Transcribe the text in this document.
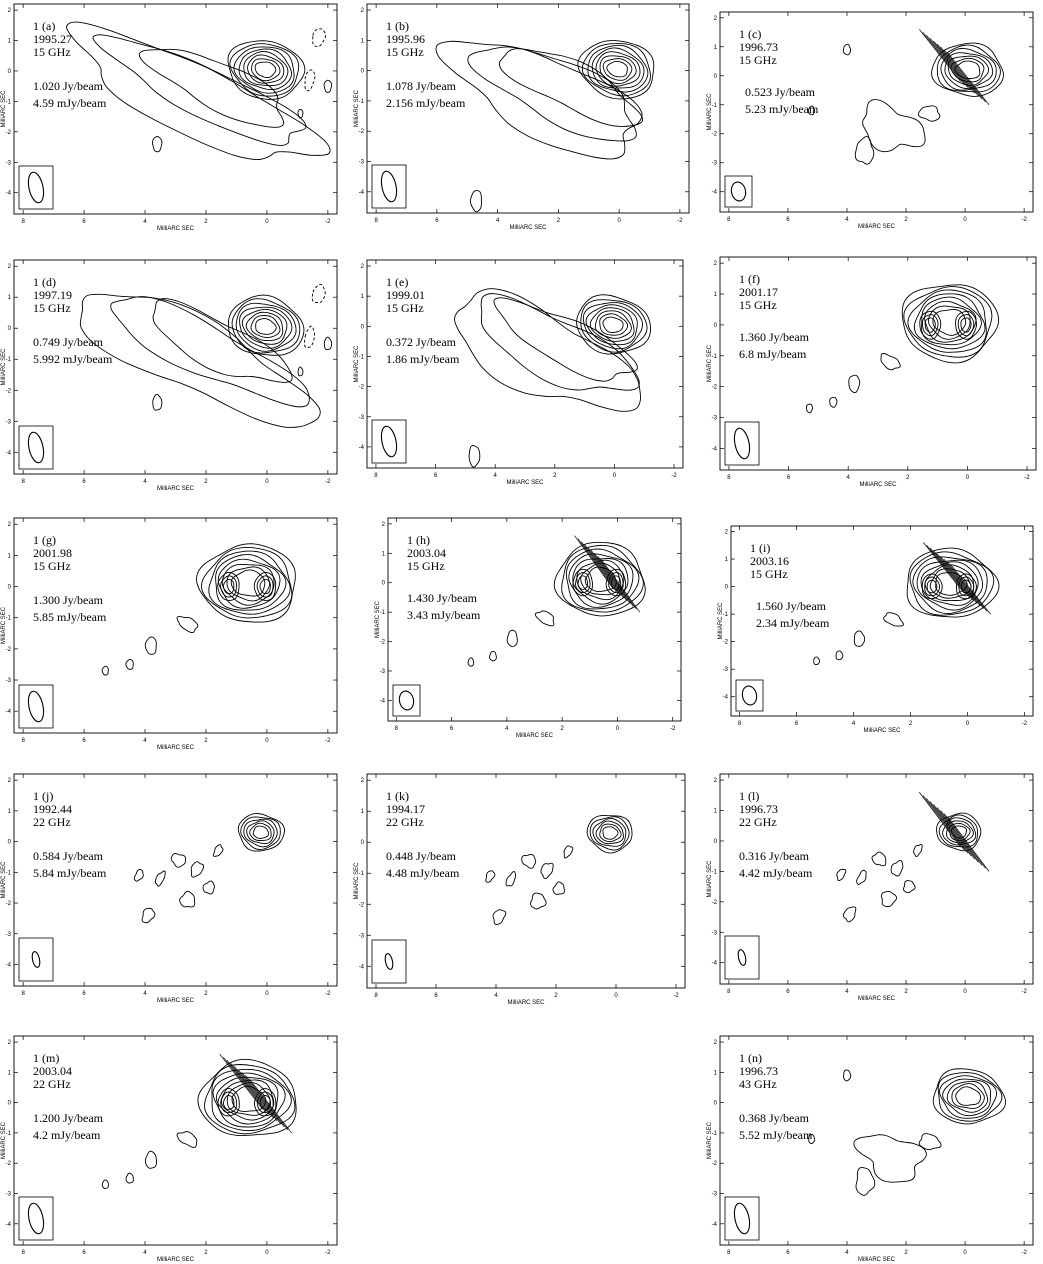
8	6	4	2	0	-2
2
1
0
-1
-2
-3
-4
MilliARC SEC
MilliARC SEC
1 (a)
1995.27
15 GHz
1.020 Jy/beam
4.59 mJy/beam
8	6	4	2	0	-2
2
1
0
-1
-2
-3
-4
MilliARC SEC
MilliARC SEC
1 (b)
1995.96
15 GHz
1.078 Jy/beam
2.156 mJy/beam
8	6	4	2	0	-2
2
1
0
-1
-2
-3
-4
MilliARC SEC
MilliARC SEC
1 (c)
1996.73
15 GHz
0.523 Jy/beam
5.23 mJy/beam
8	6	4	2	0	-2
2
1
0
-1
-2
-3
-4
MilliARC SEC
MilliARC SEC
1 (d)
1997.19
15 GHz
0.749 Jy/beam
5.992 mJy/beam
8	6	4	2	0	-2
2
1
0
-1
-2
-3
-4
MilliARC SEC
MilliARC SEC
1 (e)
1999.01
15 GHz
0.372 Jy/beam
1.86 mJy/beam
8	6	4	2	0	-2
2
1
0
-1
-2
-3
-4
MilliARC SEC
MilliARC SEC
1 (f)
2001.17
15 GHz
1.360 Jy/beam
6.8 mJy/beam
8	6	4	2	0	-2
2
1
0
-1
-2
-3
-4
MilliARC SEC
MilliARC SEC
1 (g)
2001.98
15 GHz
1.300 Jy/beam
5.85 mJy/beam
8	6	4	2	0	-2
2
1
0
-1
-2
-3
-4
MilliARC SEC
MilliARC SEC
1 (h)
2003.04
15 GHz
1.430 Jy/beam
3.43 mJy/beam
8	6	4	2	0	-2
2
1
0
-1
-2
-3
-4
MilliARC SEC
MilliARC SEC
1 (i)
2003.16
15 GHz
1.560 Jy/beam
2.34 mJy/beam
8	6	4	2	0	-2
2
1
0
-1
-2
-3
-4
MilliARC SEC
MilliARC SEC
1 (j)
1992.44
22 GHz
0.584 Jy/beam
5.84 mJy/beam
8	6	4	2	0	-2
2
1
0
-1
-2
-3
-4
MilliARC SEC
MilliARC SEC
1 (k)
1994.17
22 GHz
0.448 Jy/beam
4.48 mJy/beam
8	6	4	2	0	-2
2
1
0
-1
-2
-3
-4
MilliARC SEC
MilliARC SEC
1 (l)
1996.73
22 GHz
0.316 Jy/beam
4.42 mJy/beam
8	6	4	2	0	-2
2
1
0
-1
-2
-3
-4
MilliARC SEC
MilliARC SEC
1 (m)
2003.04
22 GHz
1.200 Jy/beam
4.2 mJy/beam
8	6	4	2	0	-2
2
1
0
-1
-2
-3
-4
MilliARC SEC
MilliARC SEC
1 (n)
1996.73
43 GHz
0.368 Jy/beam
5.52 mJy/beam
